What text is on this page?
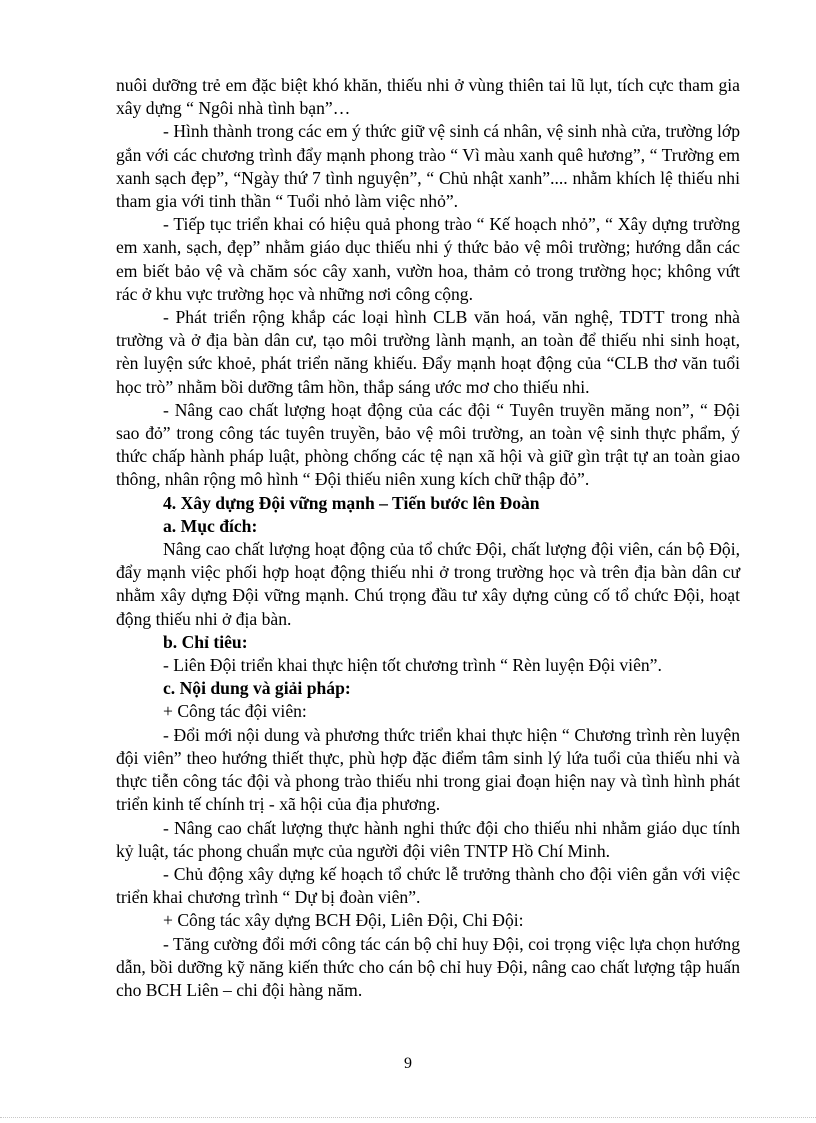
nuôi dưỡng trẻ em đặc biệt khó khăn, thiếu nhi ở vùng thiên tai lũ lụt, tích cực tham gia xây dựng “ Ngôi nhà tình bạn”…

- Hình thành trong các em ý thức giữ vệ sinh cá nhân, vệ sinh nhà cửa, trường lớp gắn với các chương trình đẩy mạnh phong trào “ Vì màu xanh quê hương”, “ Trường em xanh sạch đẹp”, “Ngày thứ 7 tình nguyện”, “ Chủ nhật xanh”.... nhằm khích lệ thiếu nhi tham gia với tinh thần “ Tuổi nhỏ làm việc nhỏ”.

- Tiếp tục triển khai có hiệu quả phong trào “ Kế hoạch nhỏ”, “ Xây dựng trường em xanh, sạch, đẹp” nhằm giáo dục thiếu nhi ý thức bảo vệ môi trường; hướng dẫn các em biết bảo vệ và chăm sóc cây xanh, vườn hoa, thảm cỏ trong trường học; không vứt rác ở khu vực trường học và những nơi công cộng.

- Phát triển rộng khắp các loại hình CLB văn hoá, văn nghệ, TDTT trong nhà trường và ở địa bàn dân cư, tạo môi trường lành mạnh, an toàn để thiếu nhi sinh hoạt, rèn luyện sức khoẻ, phát triển năng khiếu. Đẩy mạnh hoạt động của “CLB thơ văn tuổi học trò” nhằm bồi dưỡng tâm hồn, thắp sáng ước mơ cho thiếu nhi.

- Nâng cao chất lượng hoạt động của các đội “ Tuyên truyền măng non”, “ Đội sao đỏ” trong công tác tuyên truyền, bảo vệ môi trường, an toàn vệ sinh thực phẩm, ý thức chấp hành pháp luật, phòng chống các tệ nạn xã hội và giữ gìn trật tự an toàn giao thông, nhân rộng mô hình “ Đội thiếu niên xung kích chữ thập đỏ”.

4. Xây dựng Đội vững mạnh – Tiến bước lên Đoàn

a. Mục đích:

Nâng cao chất lượng hoạt động của tổ chức Đội, chất lượng đội viên, cán bộ Đội, đẩy mạnh việc phối hợp hoạt động thiếu nhi ở trong trường học và trên địa bàn dân cư nhằm xây dựng Đội vững mạnh. Chú trọng đầu tư xây dựng củng cố tổ chức Đội, hoạt động thiếu nhi ở địa bàn.

b. Chỉ tiêu:

- Liên Đội triển khai thực hiện tốt chương trình “ Rèn luyện Đội viên”.

c. Nội dung và giải pháp:

+ Công tác đội viên:

- Đổi mới nội dung và phương thức triển khai thực hiện “ Chương trình rèn luyện đội viên” theo hướng thiết thực, phù hợp đặc điểm tâm sinh lý lứa tuổi của thiếu nhi và thực tiễn công tác đội và phong trào thiếu nhi trong giai đoạn hiện nay và tình hình phát triển kinh tế chính trị - xã hội của địa phương.

- Nâng cao chất lượng thực hành nghi thức đội cho thiếu nhi nhằm giáo dục tính kỷ luật, tác phong chuẩn mực của người đội viên TNTP Hồ Chí Minh.

- Chủ động xây dựng kế hoạch tổ chức lễ trưởng thành cho đội viên gắn với việc triển khai chương trình “ Dự bị đoàn viên”.

+ Công tác xây dựng BCH Đội, Liên Đội, Chi Đội:

- Tăng cường đổi mới công tác cán bộ chỉ huy Đội, coi trọng việc lựa chọn hướng dẫn, bồi dưỡng kỹ năng kiến thức cho cán bộ chỉ huy Đội, nâng cao chất lượng tập huấn cho BCH Liên – chi đội hàng năm.

9
